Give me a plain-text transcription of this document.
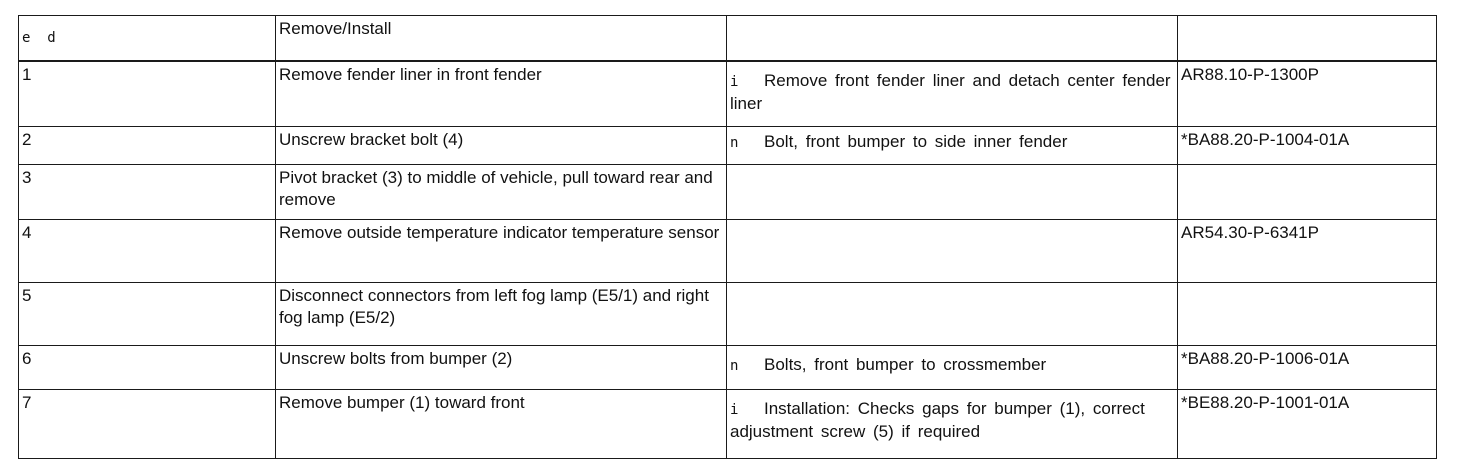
e  d	Remove/Install		
1	Remove fender liner in front fender	i Remove front fender liner and detach center fender liner	AR88.10-P-1300P
2	Unscrew bracket bolt (4)	n Bolt, front bumper to side inner fender	*BA88.20-P-1004-01A
3	Pivot bracket (3) to middle of vehicle, pull toward rear and remove		
4	Remove outside temperature indicator temperature sensor		AR54.30-P-6341P
5	Disconnect connectors from left fog lamp (E5/1) and right fog lamp (E5/2)		
6	Unscrew bolts from bumper (2)	n Bolts, front bumper to crossmember	*BA88.20-P-1006-01A
7	Remove bumper (1) toward front	i Installation: Checks gaps for bumper (1), correct adjustment screw (5) if required	*BE88.20-P-1001-01A
